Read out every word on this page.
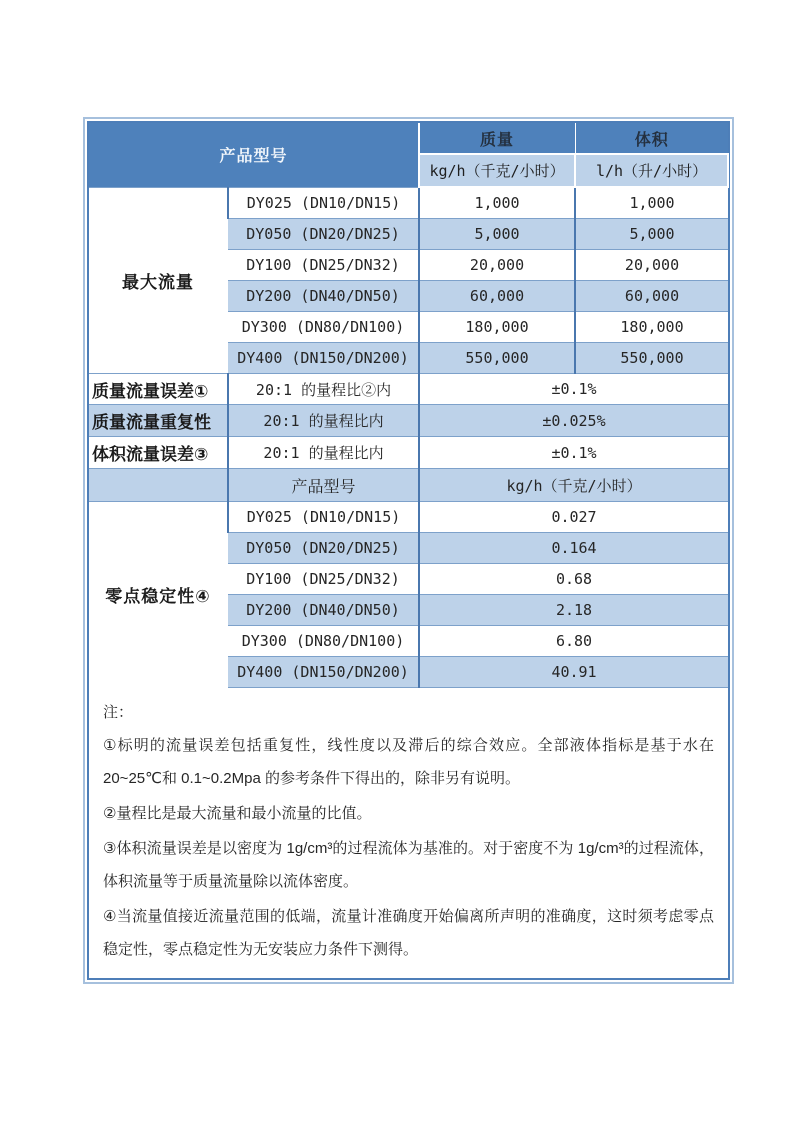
产品型号		质量	体积
		kg/h（千克/小时）	l/h（升/小时）
最大流量	DY025 (DN10/DN15)	1,000	1,000
	DY050 (DN20/DN25)	5,000	5,000
	DY100 (DN25/DN32)	20,000	20,000
	DY200 (DN40/DN50)	60,000	60,000
	DY300 (DN80/DN100)	180,000	180,000
	DY400 (DN150/DN200)	550,000	550,000
质量流量误差①	20:1 的量程比②内	±0.1%	
质量流量重复性	20:1 的量程比内	±0.025%	
体积流量误差③	20:1 的量程比内	±0.1%	
	产品型号	kg/h（千克/小时）	
零点稳定性④	DY025 (DN10/DN15)	0.027	
	DY050 (DN20/DN25)	0.164	
	DY100 (DN25/DN32)	0.68	
	DY200 (DN40/DN50)	2.18	
	DY300 (DN80/DN100)	6.80	
	DY400 (DN150/DN200)	40.91	
注：

①标明的流量误差包括重复性，线性度以及滞后的综合效应。全部液体指标是基于水在20~25℃和 0.1~0.2Mpa 的参考条件下得出的，除非另有说明。

②量程比是最大流量和最小流量的比值。

③体积流量误差是以密度为 1g/cm³的过程流体为基准的。对于密度不为 1g/cm³的过程流体，体积流量等于质量流量除以流体密度。

④当流量值接近流量范围的低端，流量计准确度开始偏离所声明的准确度，这时须考虑零点稳定性，零点稳定性为无安装应力条件下测得。
